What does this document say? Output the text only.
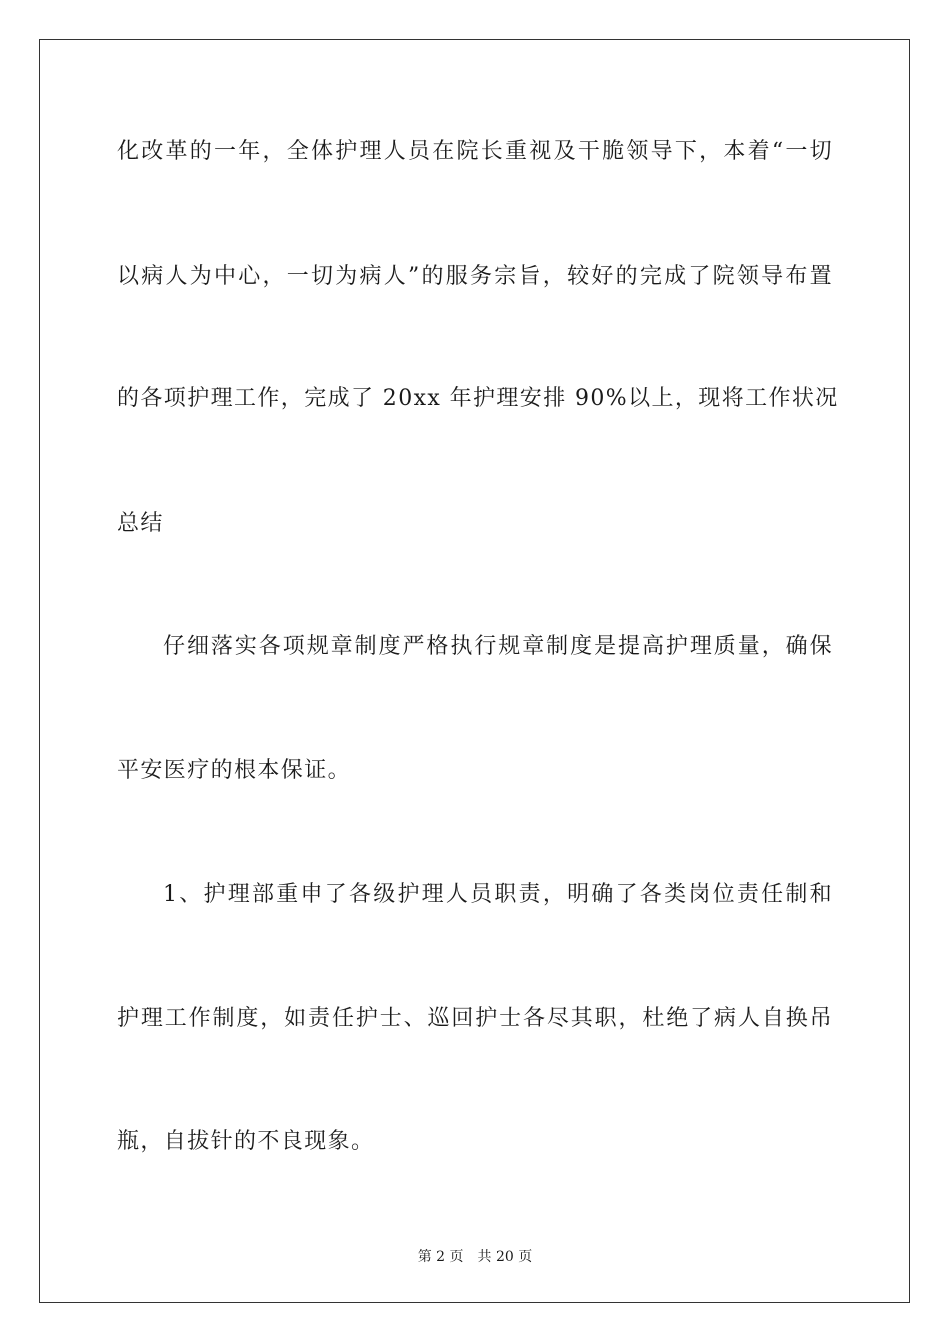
化改革的一年，全体护理人员在院长重视及干脆领导下，本着“一切
以病人为中心，一切为病人”的服务宗旨，较好的完成了院领导布置
的各项护理工作，完成了 20xx 年护理安排 90%以上，现将工作状况
总结
仔细落实各项规章制度严格执行规章制度是提高护理质量，确保
平安医疗的根本保证。
1、护理部重申了各级护理人员职责，明确了各类岗位责任制和
护理工作制度，如责任护士、巡回护士各尽其职，杜绝了病人自换吊
瓶，自拔针的不良现象。
第 2 页 共 20 页
